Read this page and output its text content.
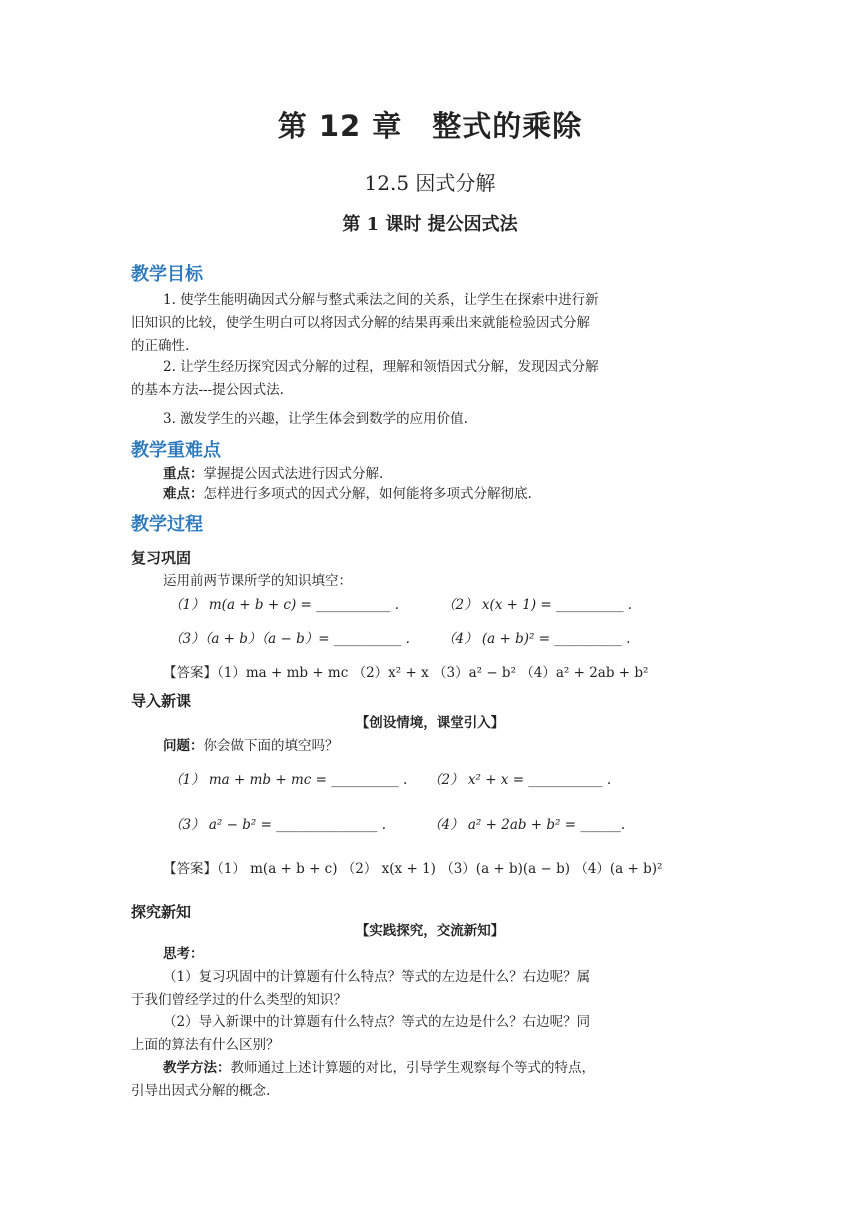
第 12 章　整式的乘除
12.5 因式分解
第 1 课时 提公因式法
教学目标
1. 使学生能明确因式分解与整式乘法之间的关系，让学生在探索中进行新
旧知识的比较，使学生明白可以将因式分解的结果再乘出来就能检验因式分解
的正确性.
2. 让学生经历探究因式分解的过程，理解和领悟因式分解，发现因式分解
的基本方法---提公因式法.
3. 激发学生的兴趣，让学生体会到数学的应用价值.
教学重难点
重点：掌握提公因式法进行因式分解.
难点：怎样进行多项式的因式分解，如何能将多项式分解彻底.
教学过程
复习巩固
运用前两节课所学的知识填空：
（1） m(a + b + c) = ___________ .	（2） x(x + 1) = __________ .
（3）（a + b）（a − b）= __________ . （4） (a + b)² = __________ .
【答案】（1）ma + mb + mc （2）x² + x （3）a² − b² （4）a² + 2ab + b²
导入新课
【创设情境，课堂引入】
问题：你会做下面的填空吗？
（1） ma + mb + mc = __________ . （2） x² + x = ___________ .
（3） a² − b² = _______________ .	（4） a² + 2ab + b² = ______.
【答案】（1） m(a + b + c) （2） x(x + 1) （3）(a + b)(a − b) （4）(a + b)²
探究新知
【实践探究，交流新知】
思考：
（1）复习巩固中的计算题有什么特点？等式的左边是什么？右边呢？属
于我们曾经学过的什么类型的知识？
（2）导入新课中的计算题有什么特点？等式的左边是什么？右边呢？同
上面的算法有什么区别？
教学方法：教师通过上述计算题的对比，引导学生观察每个等式的特点，
引导出因式分解的概念.
